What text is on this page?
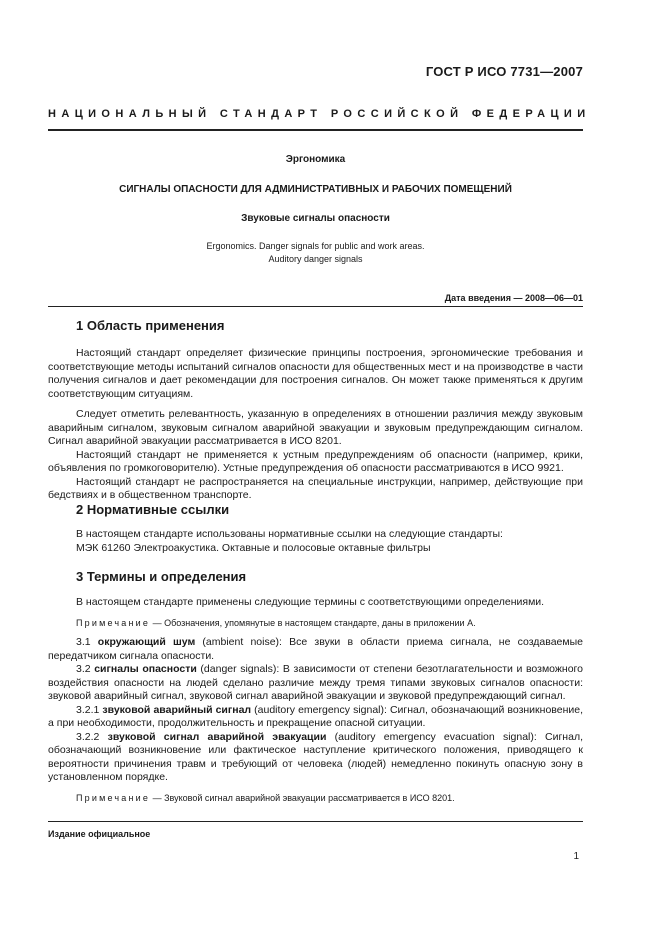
ГОСТ Р ИСО 7731—2007
НАЦИОНАЛЬНЫЙ СТАНДАРТ РОССИЙСКОЙ ФЕДЕРАЦИИ
Эргономика
СИГНАЛЫ ОПАСНОСТИ ДЛЯ АДМИНИСТРАТИВНЫХ И РАБОЧИХ ПОМЕЩЕНИЙ
Звуковые сигналы опасности
Ergonomics. Danger signals for public and work areas.
Auditory danger signals
Дата введения — 2008—06—01
1 Область применения

Настоящий стандарт определяет физические принципы построения, эргономические требования и соответствующие методы испытаний сигналов опасности для общественных мест и на производстве в части получения сигналов и дает рекомендации для построения сигналов. Он может также применяться к другим соответствующим ситуациям.

Следует отметить релевантность, указанную в определениях в отношении различия между звуковым аварийным сигналом, звуковым сигналом аварийной эвакуации и звуковым предупреждающим сигналом. Сигнал аварийной эвакуации рассматривается в ИСО 8201.

Настоящий стандарт не применяется к устным предупреждениям об опасности (например, крики, объявления по громкоговорителю). Устные предупреждения об опасности рассматриваются в ИСО 9921.

Настоящий стандарт не распространяется на специальные инструкции, например, действующие при бедствиях и в общественном транспорте.

2 Нормативные ссылки

В настоящем стандарте использованы нормативные ссылки на следующие стандарты:

МЭК 61260 Электроакустика. Октавные и полосовые октавные фильтры

3 Термины и определения

В настоящем стандарте применены следующие термины с соответствующими определениями.

Примечание — Обозначения, упомянутые в настоящем стандарте, даны в приложении А.

3.1 окружающий шум (ambient noise): Все звуки в области приема сигнала, не создаваемые передатчиком сигнала опасности.

3.2 сигналы опасности (danger signals): В зависимости от степени безотлагательности и возможного воздействия опасности на людей сделано различие между тремя типами звуковых сигналов опасности: звуковой аварийный сигнал, звуковой сигнал аварийной эвакуации и звуковой предупреждающий сигнал.

3.2.1 звуковой аварийный сигнал (auditory emergency signal): Сигнал, обозначающий возникновение, а при необходимости, продолжительность и прекращение опасной ситуации.

3.2.2 звуковой сигнал аварийной эвакуации (auditory emergency evacuation signal): Сигнал, обозначающий возникновение или фактическое наступление критического положения, приводящего к вероятности причинения травм и требующий от человека (людей) немедленно покинуть опасную зону в установленном порядке.

Примечание — Звуковой сигнал аварийной эвакуации рассматривается в ИСО 8201.

Издание официальное
1
